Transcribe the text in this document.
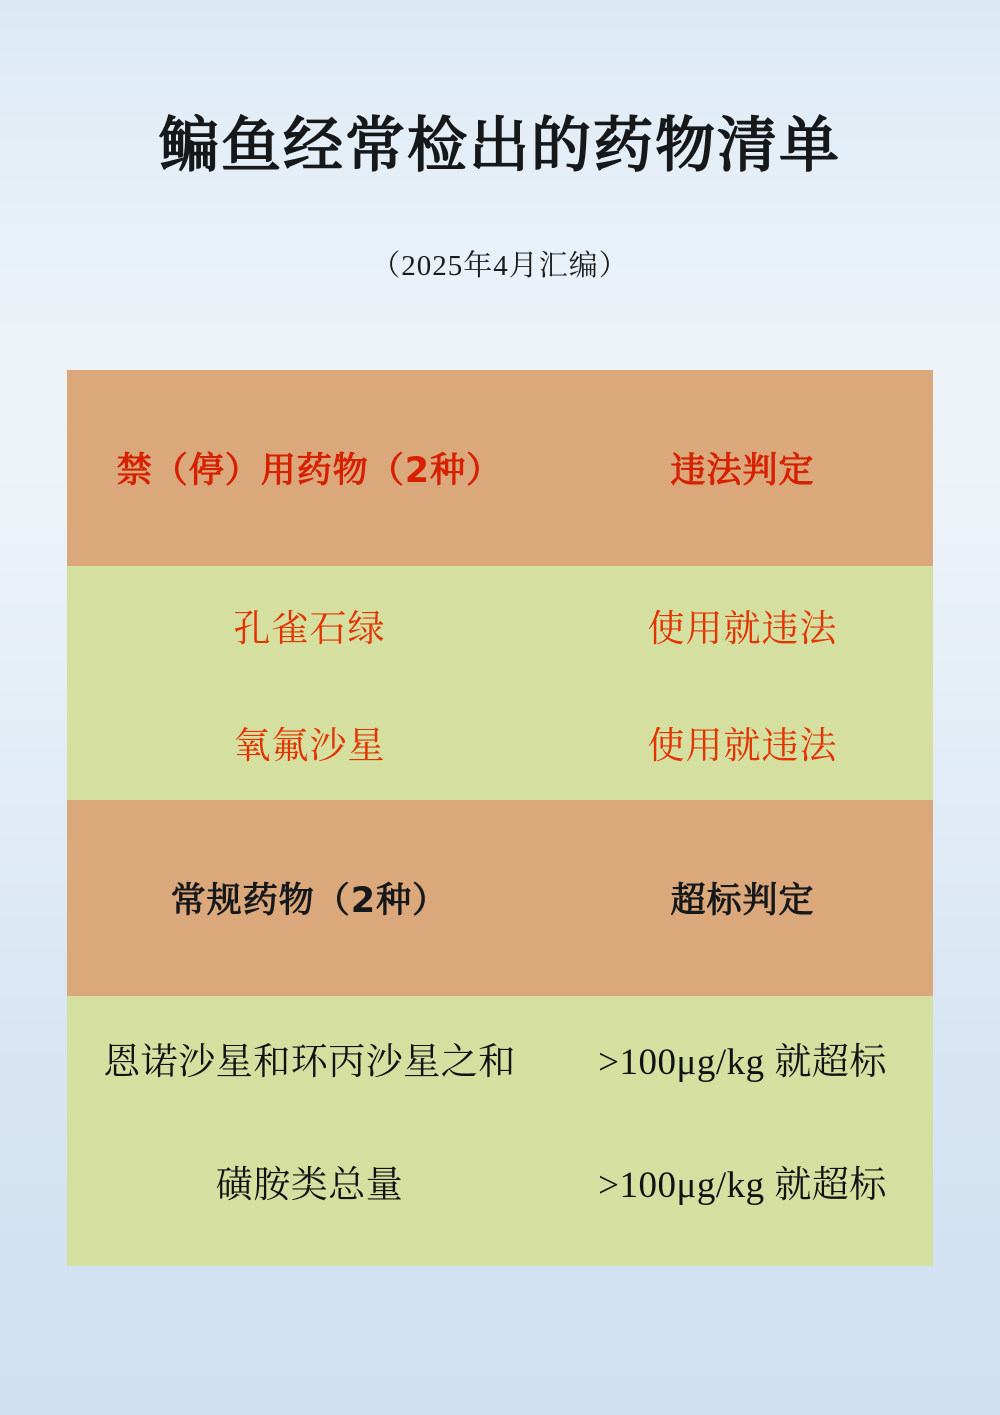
鳊鱼经常检出的药物清单

（2025年4月汇编）

禁（停）用药物（2种）	违法判定

孔雀石绿	使用就违法

氧氟沙星	使用就违法

常规药物（2种）	超标判定

恩诺沙星和环丙沙星之和	>100μg/kg 就超标

磺胺类总量	>100μg/kg 就超标
